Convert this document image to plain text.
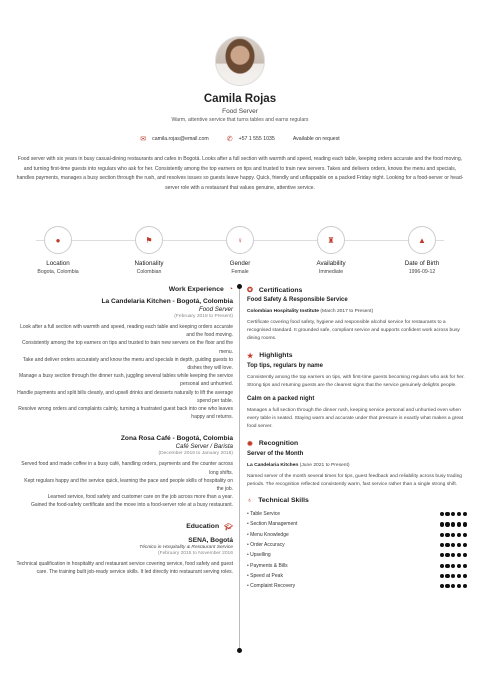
Camila Rojas
Food Server
Warm, attentive service that turns tables and earns regulars
✉ camila.rojas@email.com	✆ +57 1 555 1035	Available on request
Food server with six years in busy casual-dining restaurants and cafes in Bogotá. Looks after a full section with warmth and speed, reading each table, keeping orders accurate and the food moving, and turning first-time guests into regulars who ask for her. Consistently among the top earners on tips and trusted to train new servers. Takes and delivers orders, knows the menu and specials, handles payments, manages a busy section through the rush, and resolves issues so guests leave happy. Quick, friendly and unflappable on a packed Friday night. Looking for a food-server or head-server role with a restaurant that values genuine, attentive service.
●
Location
Bogota, Colombia
⚑
Nationality
Colombian
♀
Gender
Female
♜
Availability
Immediate
▲
Date of Birth
1996-09-12
Work Experience ◔
La Candelaria Kitchen - Bogotá, Colombia
Food Server
(February 2018 to Present)
Look after a full section with warmth and speed, reading each table and keeping orders accurate and the food moving.
Consistently among the top earners on tips and trusted to train new servers on the floor and the menu.
Take and deliver orders accurately and know the menu and specials in depth, guiding guests to dishes they will love.
Manage a busy section through the dinner rush, juggling several tables while keeping the service personal and unhurried.
Handle payments and split bills cleanly, and upsell drinks and desserts naturally to lift the average spend per table.
Resolve wrong orders and complaints calmly, turning a frustrated guest back into one who leaves happy and returns.
Zona Rosa Café - Bogotá, Colombia
Café Server / Barista
(December 2016 to January 2018)
Served food and made coffee in a busy café, handling orders, payments and the counter across long shifts.
Kept regulars happy and the service quick, learning the pace and people skills of hospitality on the job.
Learned service, food safety and customer care on the job across more than a year.
Gained the food-safety certificate and the move into a food-server role at a busy restaurant.
Education 🎓︎
SENA, Bogotá
Técnico in Hospitality & Restaurant Service
(February 2015 to November 2016
Technical qualification in hospitality and restaurant service covering service, food safety and guest care. The training built job-ready service skills. It led directly into restaurant serving roles.
✪ Certifications
Food Safety & Responsible Service
Colombian Hospitality Institute (March 2017 to Present)
Certificate covering food safety, hygiene and responsible alcohol service for restaurants to a recognised standard. It grounded safe, compliant service and supports confident work across busy dining rooms.
★ Highlights
Top tips, regulars by name
Consistently among the top earners on tips, with first-time guests becoming regulars who ask for her. Strong tips and returning guests are the clearest signs that the service genuinely delights people.
Calm on a packed night
Manages a full section through the dinner rush, keeping service personal and unhurried even when every table is seated. Staying warm and accurate under that pressure is exactly what makes a great food server.
✹ Recognition
Server of the Month
La Candelaria Kitchen (June 2021 to Present)
Named server of the month several times for tips, guest feedback and reliability across busy trading periods. The recognition reflected consistently warm, fast service rather than a single strong shift.
♁ Technical Skills
• Table Service
• Section Management
• Menu Knowledge
• Order Accuracy
• Upselling
• Payments & Bills
• Speed at Peak
• Complaint Recovery
